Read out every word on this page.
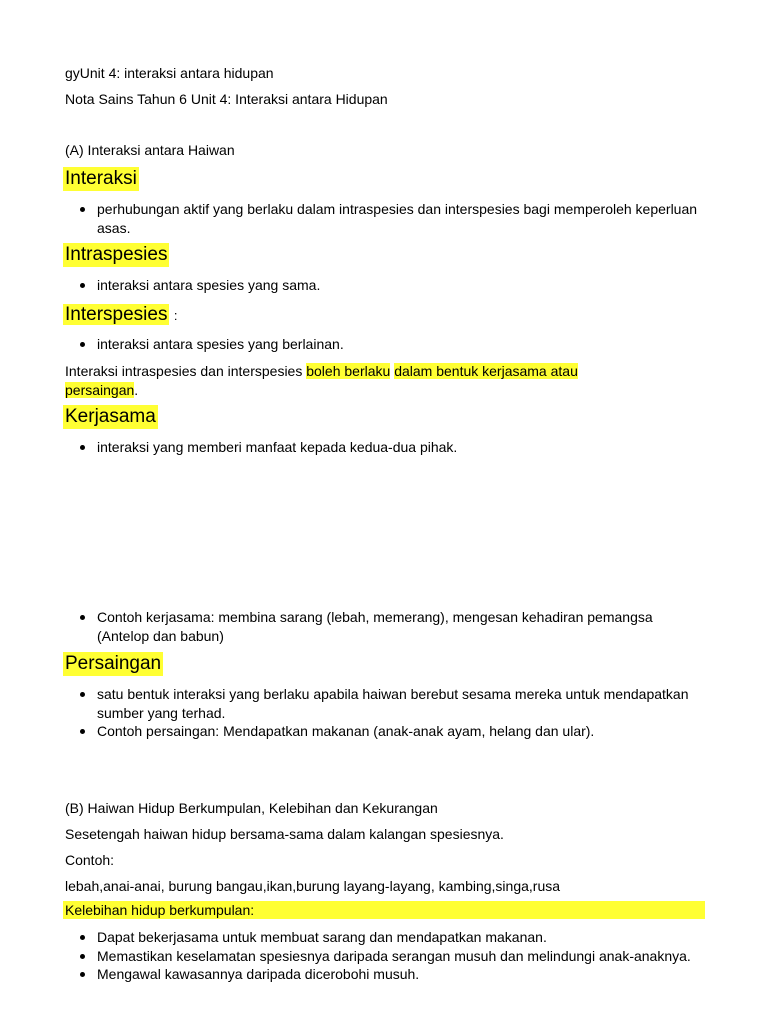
gyUnit 4: interaksi antara hidupan
Nota Sains Tahun 6 Unit 4: Interaksi antara Hidupan
(A) Interaksi antara Haiwan
Interaksi
perhubungan aktif yang berlaku dalam intraspesies dan interspesies bagi memperoleh keperluan asas.
Intraspesies
interaksi antara spesies yang sama.
Interspesies :
interaksi antara spesies yang berlainan.
Interaksi intraspesies dan interspesies boleh berlaku dalam bentuk kerjasama atau
persaingan.
Kerjasama
interaksi yang memberi manfaat kepada kedua-dua pihak.
Contoh kerjasama: membina sarang (lebah, memerang), mengesan kehadiran pemangsa (Antelop dan babun)
Persaingan
satu bentuk interaksi yang berlaku apabila haiwan berebut sesama mereka untuk mendapatkan sumber yang terhad.
Contoh persaingan: Mendapatkan makanan (anak-anak ayam, helang dan ular).
(B) Haiwan Hidup Berkumpulan, Kelebihan dan Kekurangan
Sesetengah haiwan hidup bersama-sama dalam kalangan spesiesnya.
Contoh:
lebah,anai-anai, burung bangau,ikan,burung layang-layang, kambing,singa,rusa
Kelebihan hidup berkumpulan:
Dapat bekerjasama untuk membuat sarang dan mendapatkan makanan.
Memastikan keselamatan spesiesnya daripada serangan musuh dan melindungi anak-anaknya.
Mengawal kawasannya daripada dicerobohi musuh.
